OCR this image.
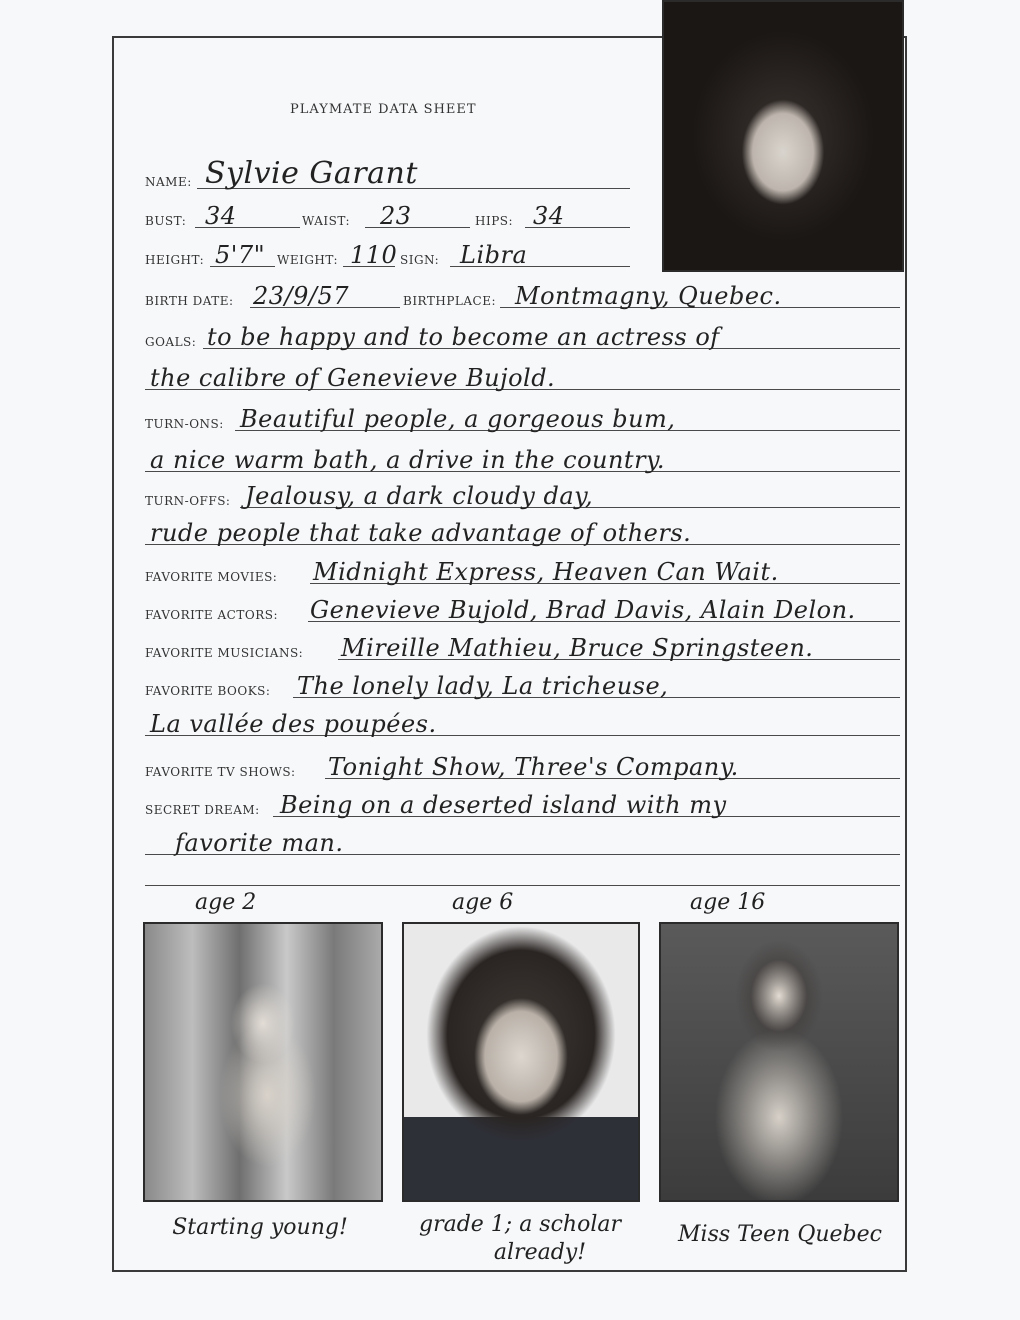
PLAYMATE DATA SHEET
NAME: Sylvie Garant
BUST: 34	WAIST: 23	HIPS: 34
HEIGHT: 5'7" WEIGHT: 110 SIGN: Libra
BIRTH DATE: 23/9/57	BIRTHPLACE: Montmagny, Quebec.
GOALS: to be happy and to become an actress of
the calibre of Genevieve Bujold.
TURN-ONS: Beautiful people, a gorgeous bum,
a nice warm bath, a drive in the country.
TURN-OFFS: Jealousy, a dark cloudy day,
rude people that take advantage of others.
FAVORITE MOVIES: Midnight Express, Heaven Can Wait.
FAVORITE ACTORS: Genevieve Bujold, Brad Davis, Alain Delon.
FAVORITE MUSICIANS: Mireille Mathieu, Bruce Springsteen.
FAVORITE BOOKS: The lonely lady, La tricheuse,
La vallée des poupées.
FAVORITE TV SHOWS: Tonight Show, Three's Company.
SECRET DREAM: Being on a deserted island with my
favorite man.
age 2	age 6	age 16
Starting young!	grade 1; a scholar
already!
Miss Teen Quebec
